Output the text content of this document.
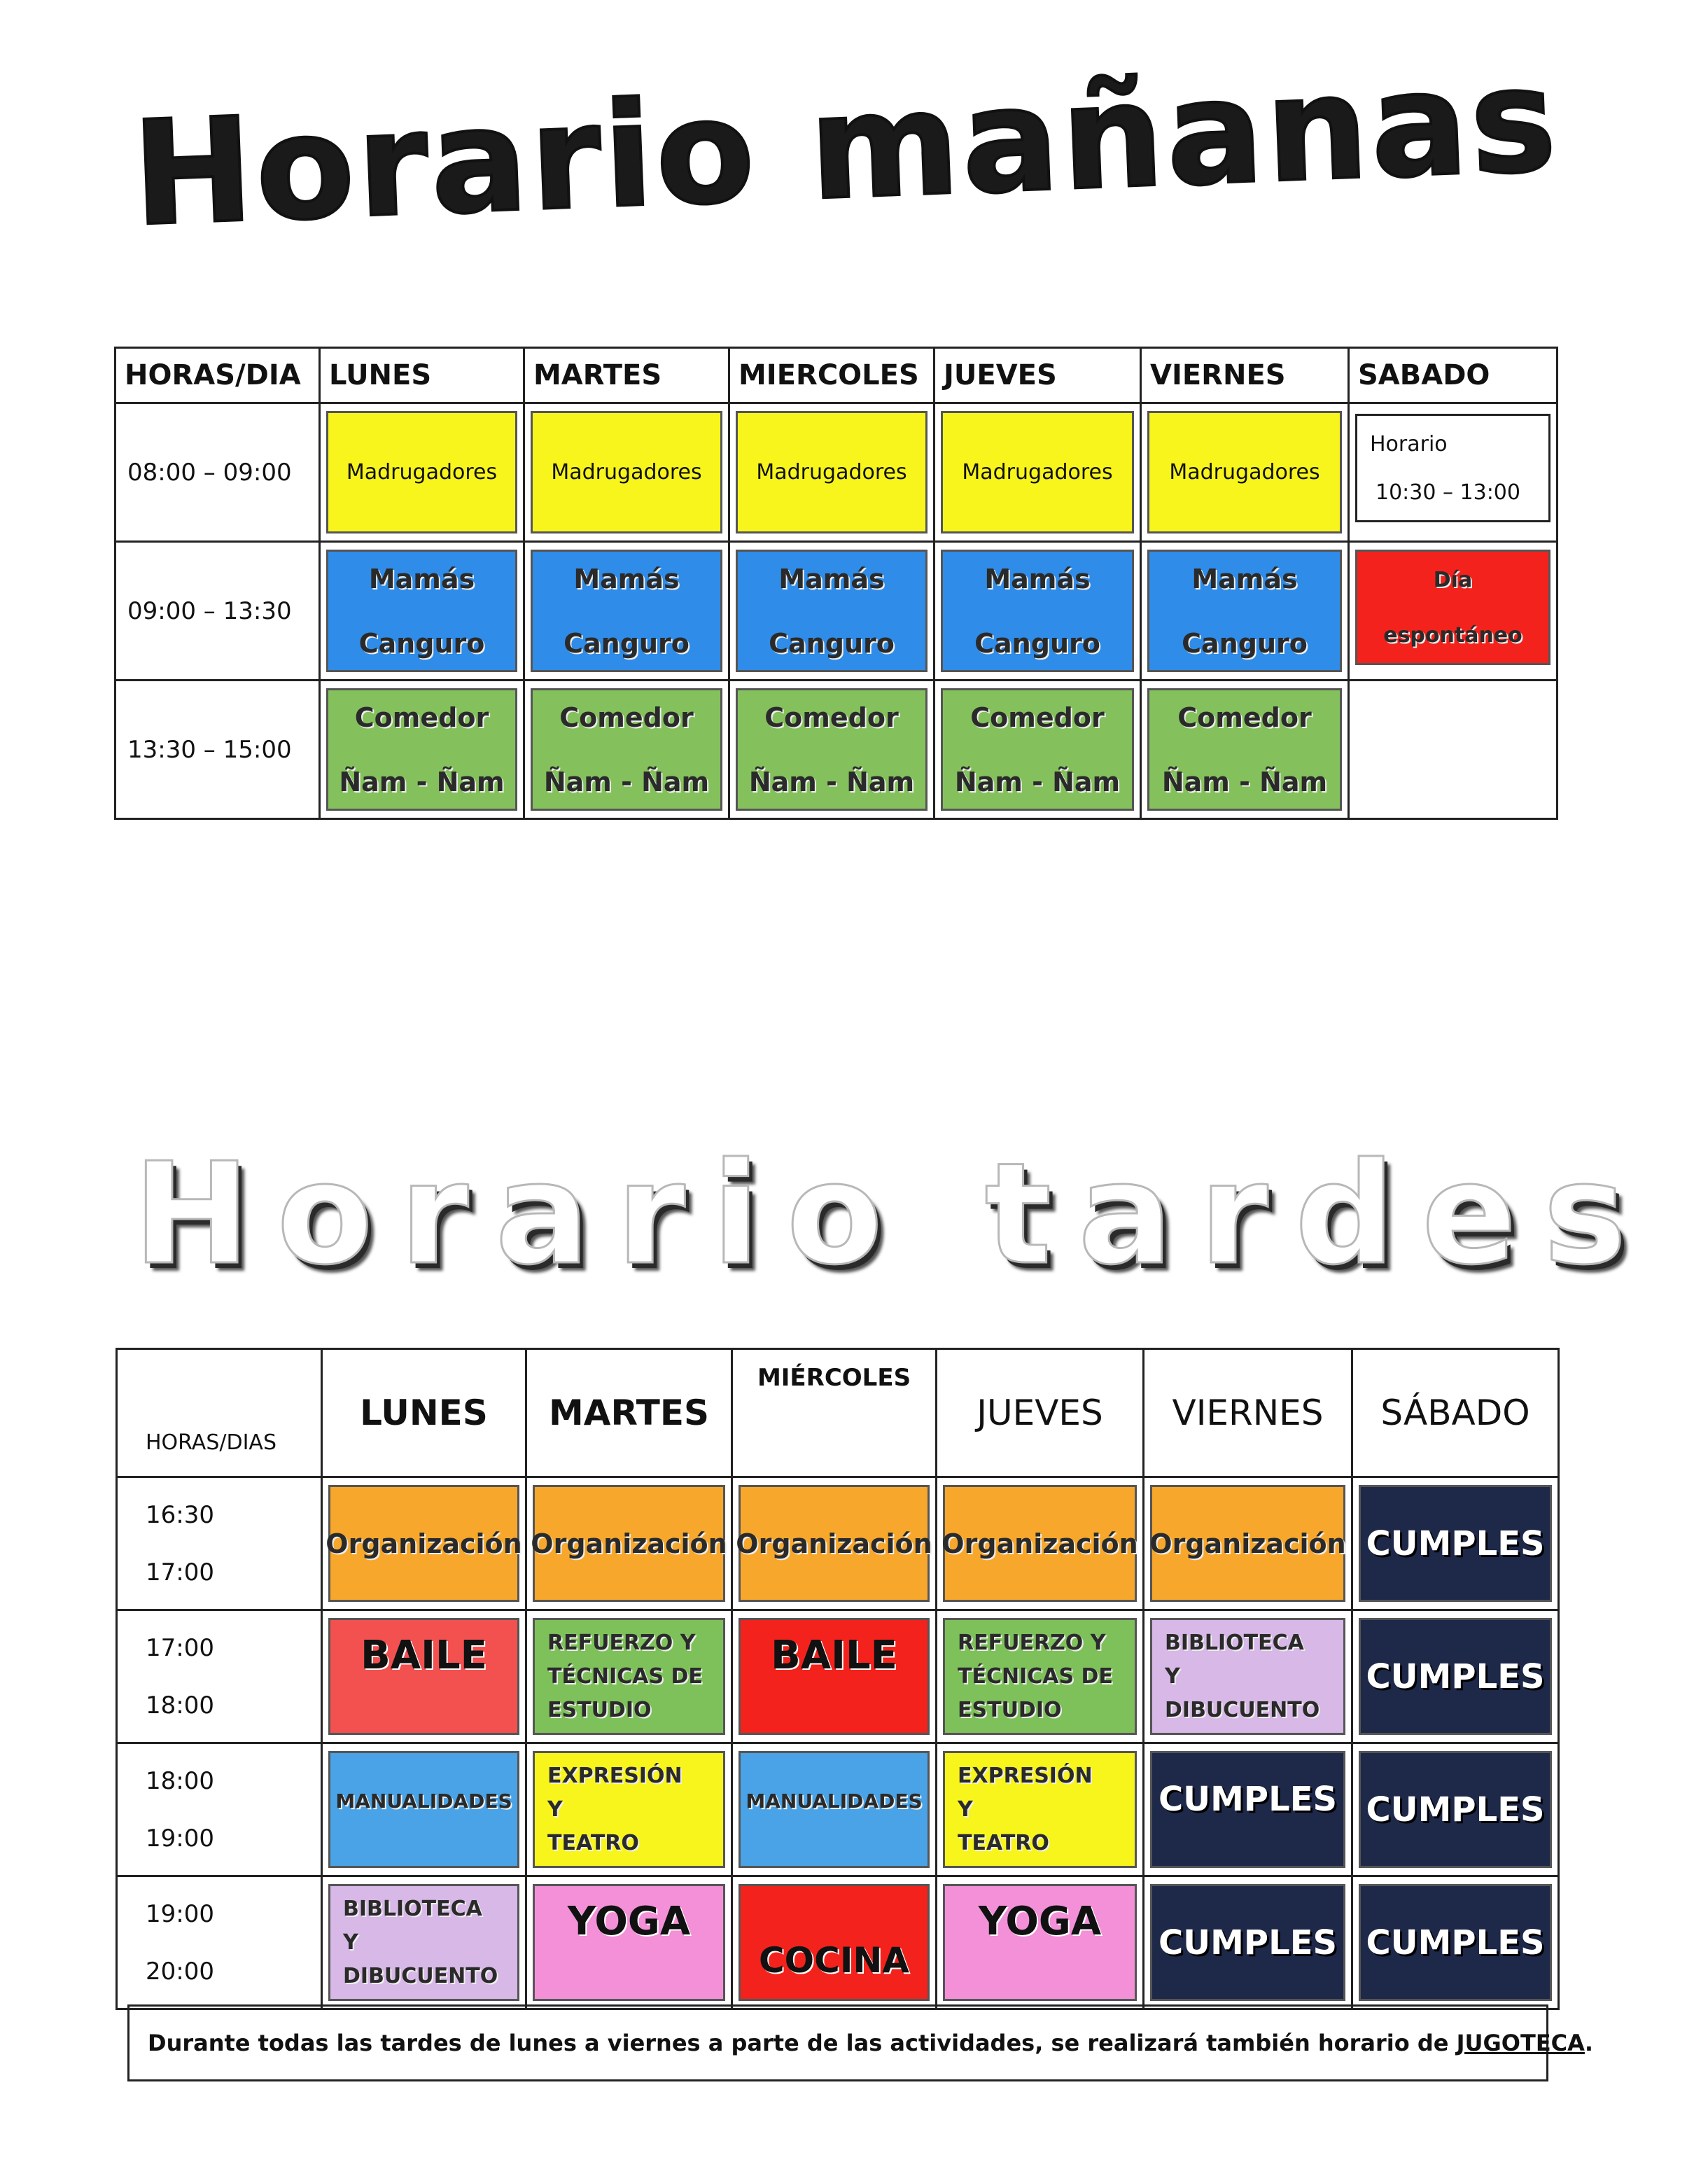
Horario mañanas
HORAS/DIA	LUNES	MARTES	MIERCOLES	JUEVES	VIERNES	SABADO
08:00 – 09:00	Madrugadores	Madrugadores	Madrugadores	Madrugadores	Madrugadores	Horario
10:30 – 13:00

09:00 – 13:30	Mamás
Canguro	Mamás
Canguro	Mamás
Canguro	Mamás
Canguro	Mamás
Canguro	Día
espontáneo

13:30 – 15:00	Comedor
Ñam - Ñam	Comedor
Ñam - Ñam	Comedor
Ñam - Ñam	Comedor
Ñam - Ñam	Comedor
Ñam - Ñam	

Horario tardes
HORAS/DIAS	LUNES	MARTES	MIÉRCOLES	JUEVES	VIERNES	SÁBADO

16:30
17:00	Organización	Organización	Organización	Organización	Organización	CUMPLES

17:00
18:00	BAILE	REFUERZO Y
TÉCNICAS DE
ESTUDIO	BAILE	REFUERZO Y
TÉCNICAS DE
ESTUDIO	BIBLIOTECA
Y
DIBUCUENTO	CUMPLES

18:00
19:00	MANUALIDADES	EXPRESIÓN
Y
TEATRO	MANUALIDADES	EXPRESIÓN
Y
TEATRO	CUMPLES	CUMPLES

19:00
20:00	BIBLIOTECA
Y
DIBUCUENTO	YOGA	COCINA	YOGA	CUMPLES	CUMPLES
Durante todas las tardes de lunes a viernes a parte de las actividades, se realizará también horario de JUGOTECA .
